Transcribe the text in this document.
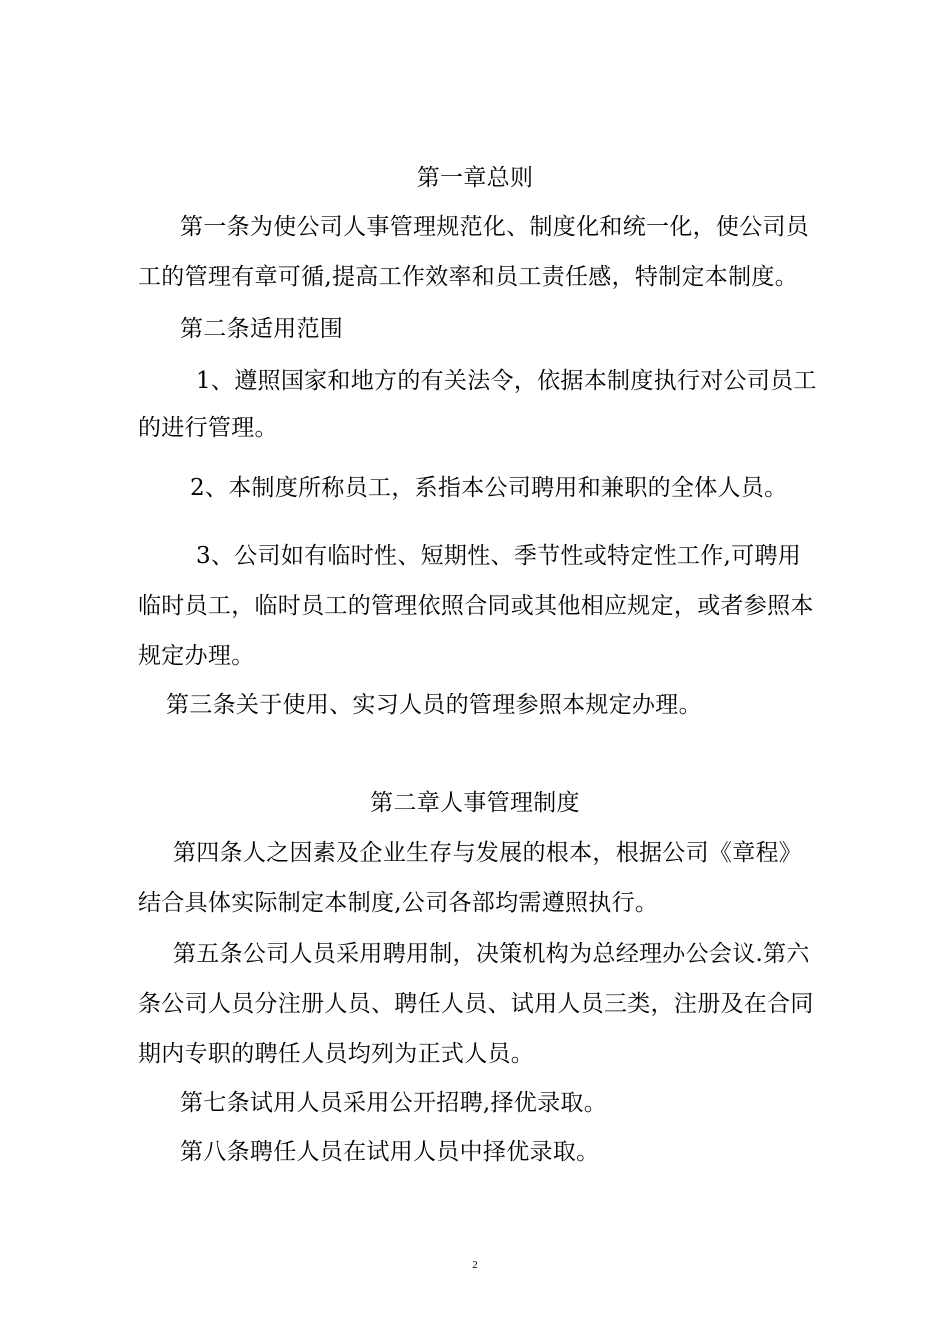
第一章总则
第一条为使公司人事管理规范化、制度化和统一化，使公司员
工的管理有章可循,提高工作效率和员工责任感，特制定本制度。
第二条适用范围
1、遵照国家和地方的有关法令，依据本制度执行对公司员工
的进行管理。
2、本制度所称员工，系指本公司聘用和兼职的全体人员。
3、公司如有临时性、短期性、季节性或特定性工作,可聘用
临时员工，临时员工的管理依照合同或其他相应规定，或者参照本
规定办理。
第三条关于使用、实习人员的管理参照本规定办理。
第二章人事管理制度
第四条人之因素及企业生存与发展的根本，根据公司《章程》
结合具体实际制定本制度,公司各部均需遵照执行。
第五条公司人员采用聘用制，决策机构为总经理办公会议.第六
条公司人员分注册人员、聘任人员、试用人员三类，注册及在合同
期内专职的聘任人员均列为正式人员。
第七条试用人员采用公开招聘,择优录取。
第八条聘任人员在试用人员中择优录取。
2
